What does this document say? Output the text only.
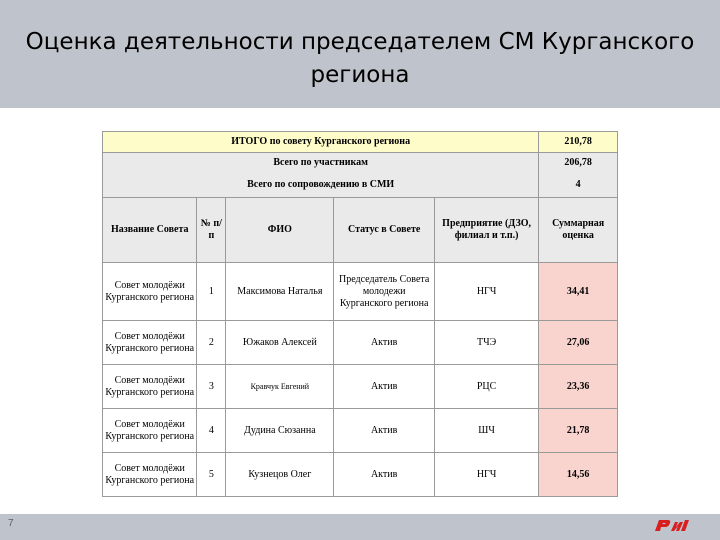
Оценка деятельности председателем СМ Курганского региона
ИТОГО по совету Курганского региона					210,78
Всего по участникам					206,78
Всего по сопровождению в СМИ					4
Название Совета	№ п/п	ФИО	Статус в Совете	Предприятие (ДЗО, филиал и т.п.)	Суммарная оценка
Совет молодёжи Курганского региона	1	Максимова Наталья	Председатель Совета молодежи Курганского региона	НГЧ	34,41
Совет молодёжи Курганского региона	2	Южаков Алексей	Актив	ТЧЭ	27,06
Совет молодёжи Курганского региона	3	Кравчук Евгений	Актив	РЦС	23,36
Совет молодёжи Курганского региона	4	Дудина Сюзанна	Актив	ШЧ	21,78
Совет молодёжи Курганского региона	5	Кузнецов Олег	Актив	НГЧ	14,56
7
